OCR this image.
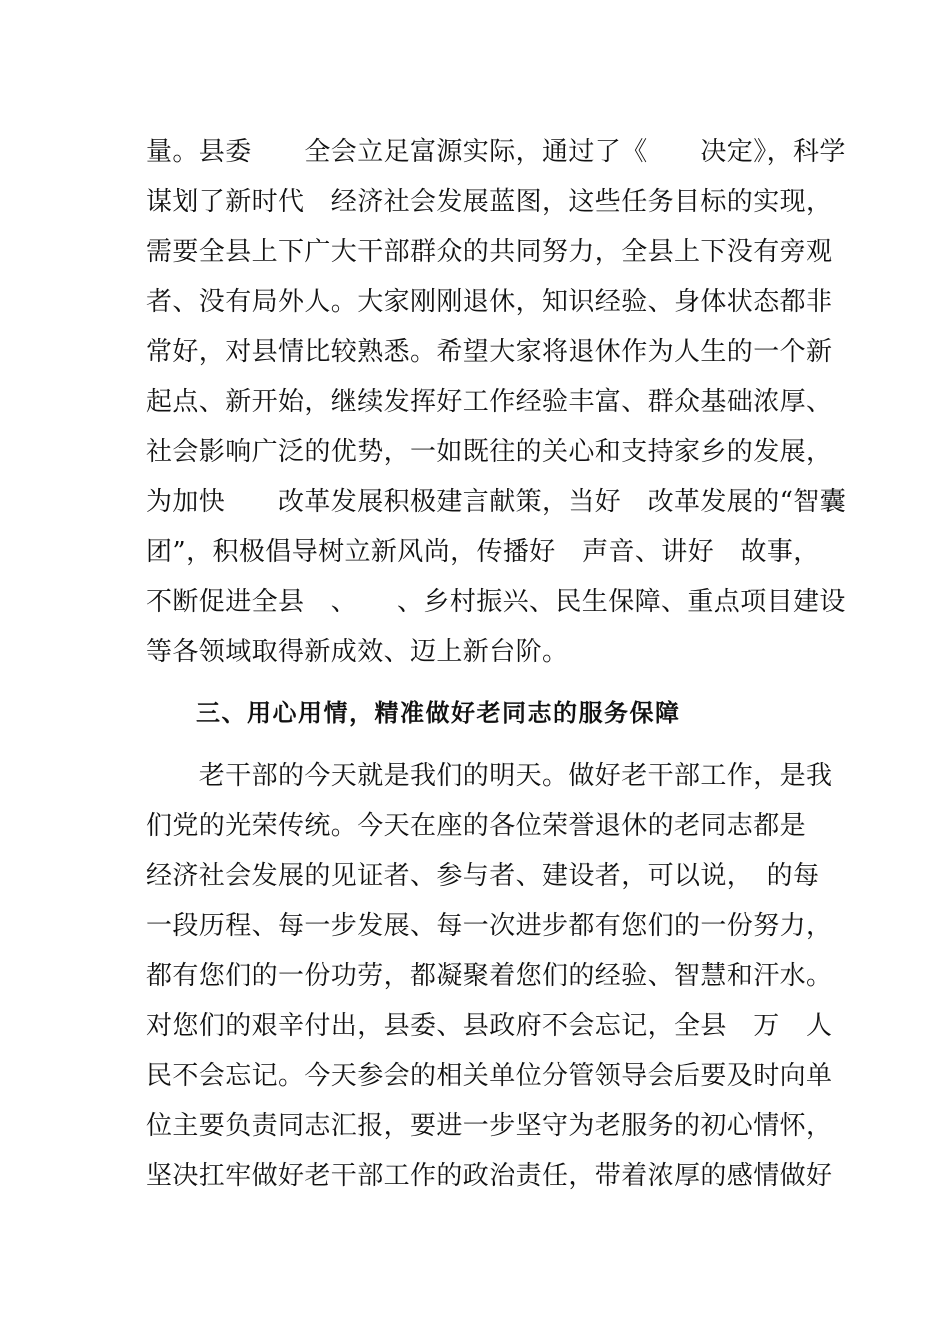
量。县委　　全会立足富源实际，通过了《　　决定》，科学
谋划了新时代　经济社会发展蓝图，这些任务目标的实现，
需要全县上下广大干部群众的共同努力，全县上下没有旁观
者、没有局外人。大家刚刚退休，知识经验、身体状态都非
常好，对县情比较熟悉。希望大家将退休作为人生的一个新
起点、新开始，继续发挥好工作经验丰富、群众基础浓厚、
社会影响广泛的优势，一如既往的关心和支持家乡的发展，
为加快　　改革发展积极建言献策，当好　改革发展的“智囊
团”，积极倡导树立新风尚，传播好　声音、讲好　故事，
不断促进全县　、　　、乡村振兴、民生保障、重点项目建设
等各领域取得新成效、迈上新台阶。
三、用心用情，精准做好老同志的服务保障
　　老干部的今天就是我们的明天。做好老干部工作，是我
们党的光荣传统。今天在座的各位荣誉退休的老同志都是
经济社会发展的见证者、参与者、建设者，可以说，　的每
一段历程、每一步发展、每一次进步都有您们的一份努力，
都有您们的一份功劳，都凝聚着您们的经验、智慧和汗水。
对您们的艰辛付出，县委、县政府不会忘记，全县　万　人
民不会忘记。今天参会的相关单位分管领导会后要及时向单
位主要负责同志汇报，要进一步坚守为老服务的初心情怀，
坚决扛牢做好老干部工作的政治责任，带着浓厚的感情做好
